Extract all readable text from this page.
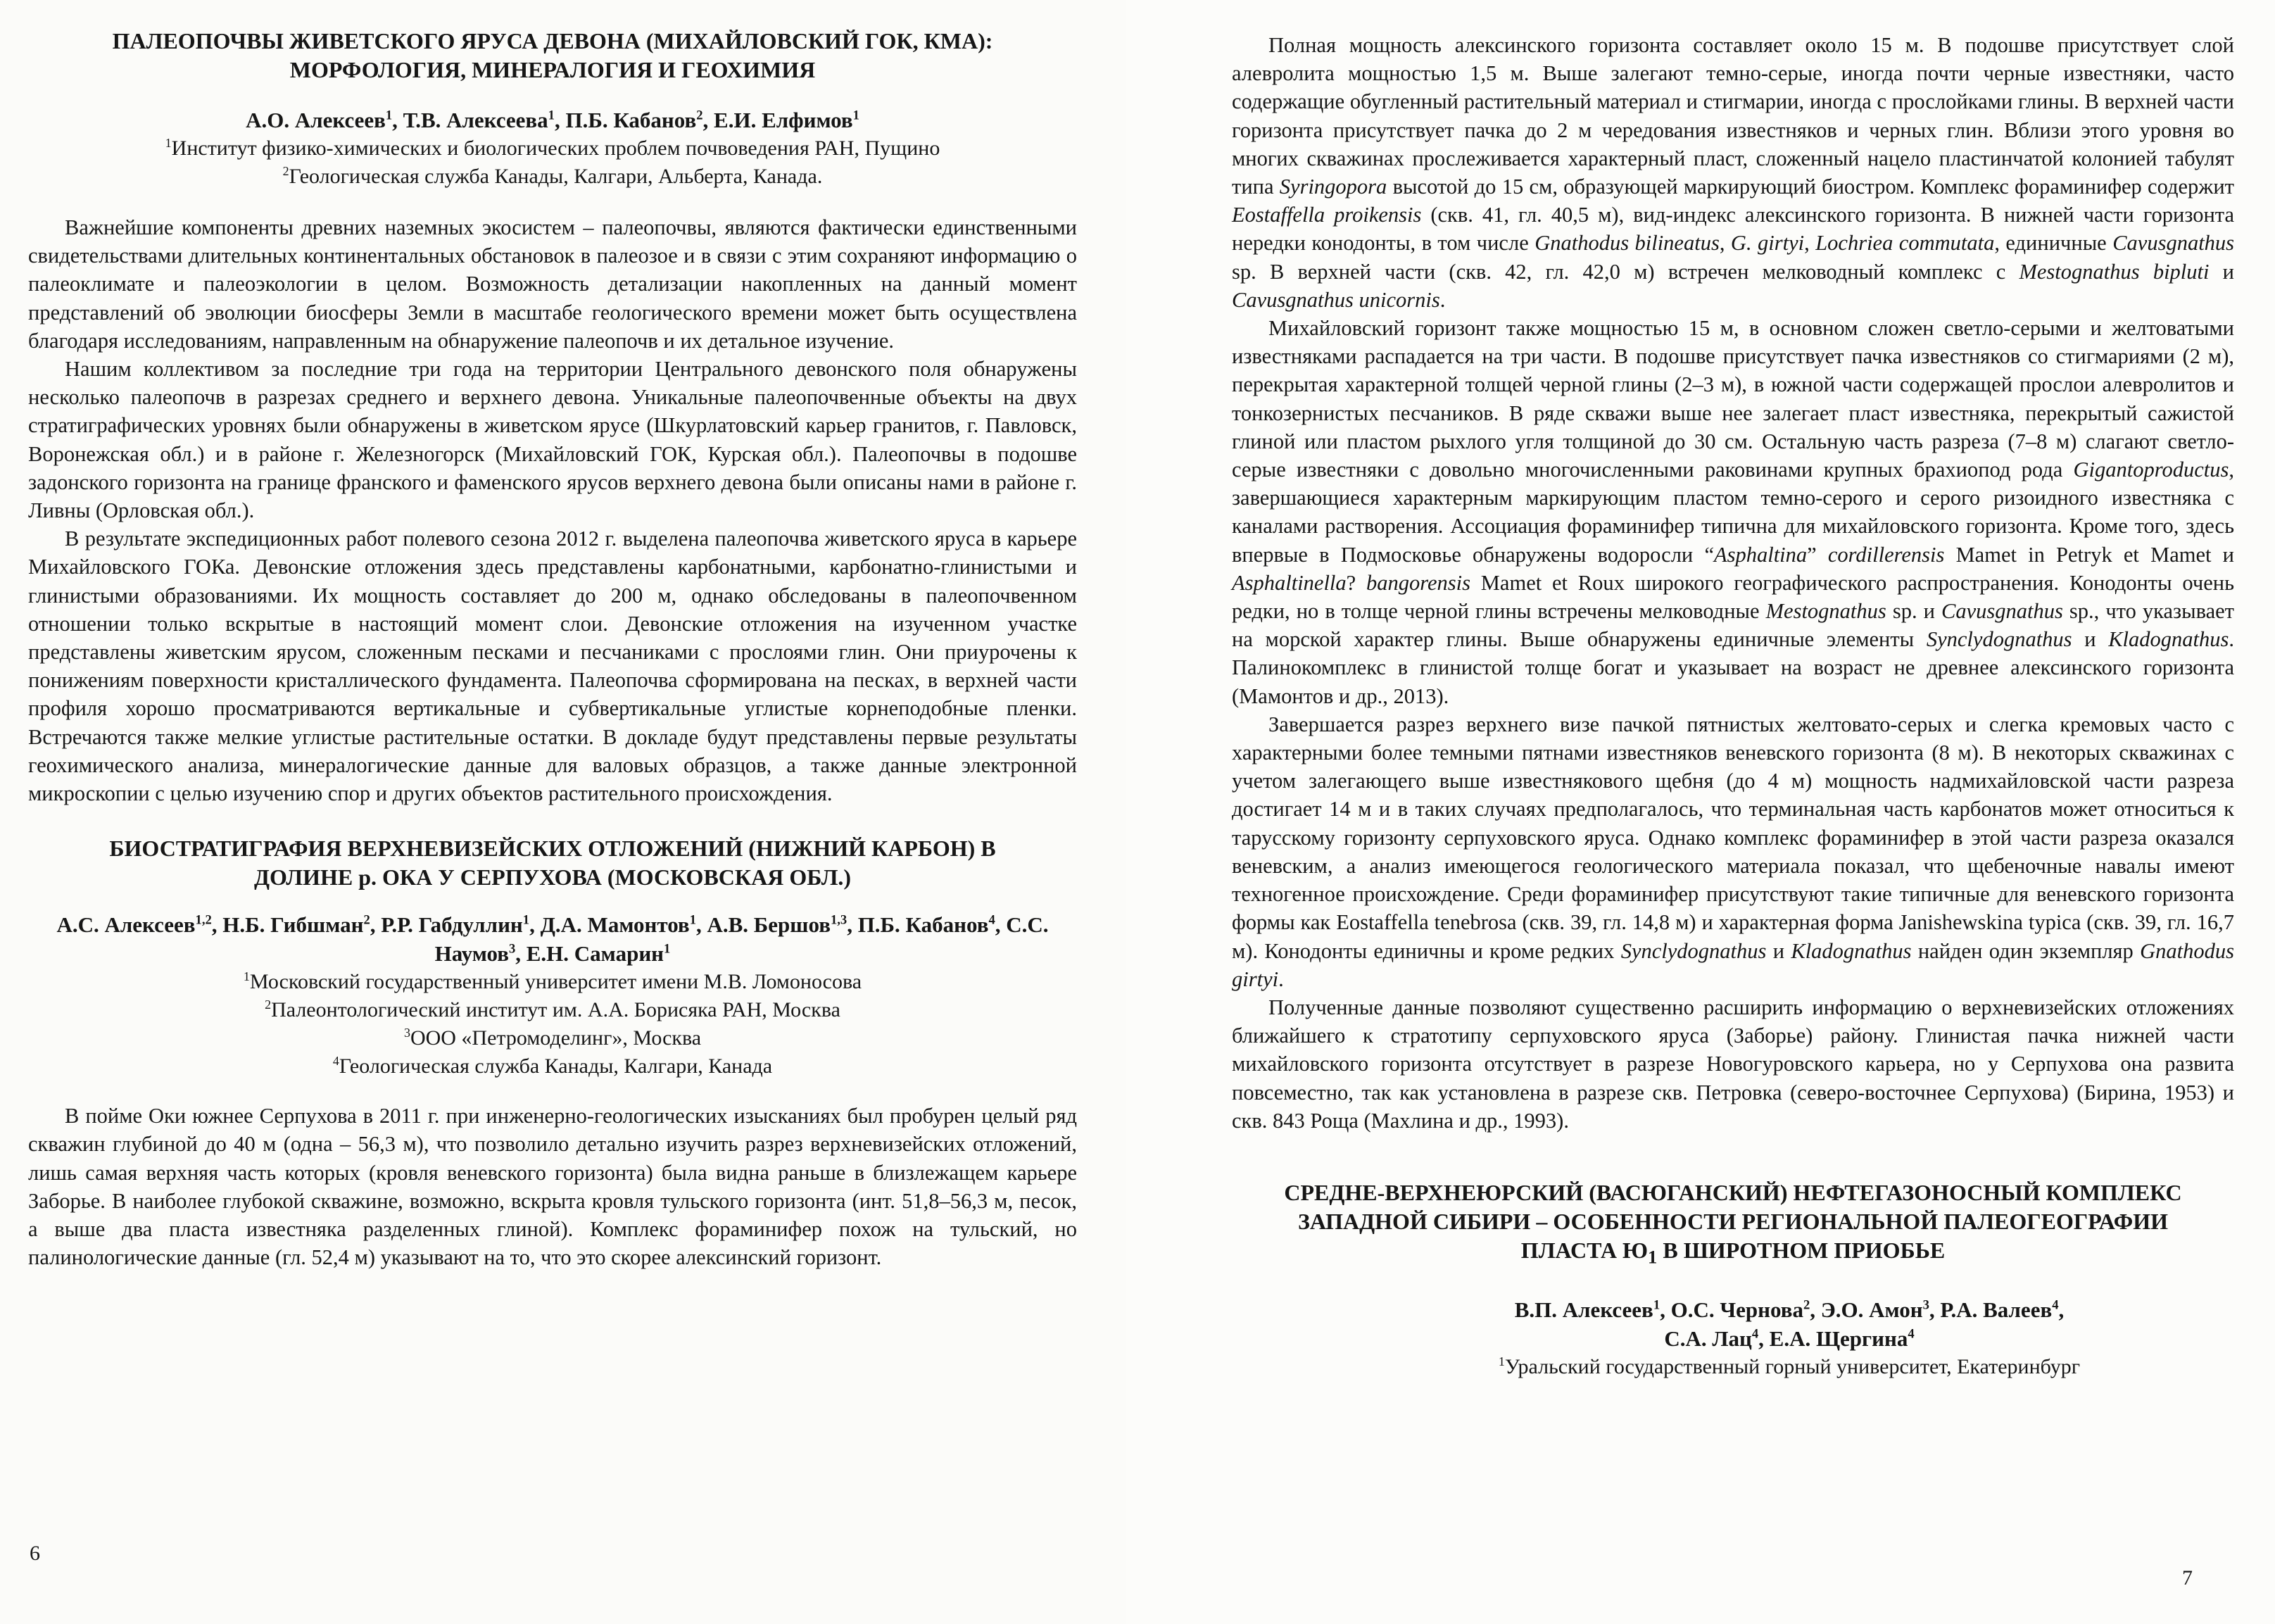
ПАЛЕОПОЧВЫ ЖИВЕТСКОГО ЯРУСА ДЕВОНА (МИХАЙЛОВСКИЙ ГОК, КМА): МОРФОЛОГИЯ, МИНЕРАЛОГИЯ И ГЕОХИМИЯ

А.О. Алексеев$^1$, Т.В. Алексеева$^1$, П.Б. Кабанов$^2$, Е.И. Елфимов$^1$

$^1$Институт физико-химических и биологических проблем почвоведения РАН, Пущино

$^2$Геологическая служба Канады, Калгари, Альберта, Канада.

Важнейшие компоненты древних наземных экосистем – палеопочвы, являются фактически единственными свидетельствами длительных континентальных обстановок в палеозое и в связи с этим сохраняют информацию о палеоклимате и палеоэкологии в целом. Возможность детализации накопленных на данный момент представлений об эволюции биосферы Земли в масштабе геологического времени может быть осуществлена благодаря исследованиям, направленным на обнаружение палеопочв и их детальное изучение.

Нашим коллективом за последние три года на территории Центрального девонского поля обнаружены несколько палеопочв в разрезах среднего и верхнего девона. Уникальные палеопочвенные объекты на двух стратиграфических уровнях были обнаружены в живетском ярусе (Шкурлатовский карьер гранитов, г. Павловск, Воронежская обл.) и в районе г. Железногорск (Михайловский ГОК, Курская обл.). Палеопочвы в подошве задонского горизонта на границе франского и фаменского ярусов верхнего девона были описаны нами в районе г. Ливны (Орловская обл.).

В результате экспедиционных работ полевого сезона 2012 г. выделена палеопочва живетского яруса в карьере Михайловского ГОКа. Девонские отложения здесь представлены карбонатными, карбонатно-глинистыми и глинистыми образованиями. Их мощность составляет до 200 м, однако обследованы в палеопочвенном отношении только вскрытые в настоящий момент слои. Девонские отложения на изученном участке представлены живетским ярусом, сложенным песками и песчаниками с прослоями глин. Они приурочены к понижениям поверхности кристаллического фундамента. Палеопочва сформирована на песках, в верхней части профиля хорошо просматриваются вертикальные и субвертикальные углистые корнеподобные пленки. Встречаются также мелкие углистые растительные остатки. В докладе будут представлены первые результаты геохимического анализа, минералогические данные для валовых образцов, а также данные электронной микроскопии с целью изучению спор и других объектов растительного происхождения.

БИОСТРАТИГРАФИЯ ВЕРХНЕВИЗЕЙСКИХ ОТЛОЖЕНИЙ (НИЖНИЙ КАРБОН) В ДОЛИНЕ р. ОКА У СЕРПУХОВА (МОСКОВСКАЯ ОБЛ.)

А.С. Алексеев$^{1,2}$, Н.Б. Гибшман$^2$, Р.Р. Габдуллин$^1$, Д.А. Мамонтов$^1$, А.В. Бершов$^{1,3}$, П.Б. Кабанов$^4$, С.С. Наумов$^3$, Е.Н. Самарин$^1$

$^1$Московский государственный университет имени М.В. Ломоносова

$^2$Палеонтологический институт им. А.А. Борисяка РАН, Москва

$^3$ООО «Петромоделинг», Москва

$^4$Геологическая служба Канады, Калгари, Канада

В пойме Оки южнее Серпухова в 2011 г. при инженерно-геологических изысканиях был пробурен целый ряд скважин глубиной до 40 м (одна – 56,3 м), что позволило детально изучить разрез верхневизейских отложений, лишь самая верхняя часть которых (кровля веневского горизонта) была видна раньше в близлежащем карьере Заборье. В наиболее глубокой скважине, возможно, вскрыта кровля тульского горизонта (инт. 51,8–56,3 м, песок, а выше два пласта известняка разделенных глиной). Комплекс фораминифер похож на тульский, но палинологические данные (гл. 52,4 м) указывают на то, что это скорее алексинский горизонт.

6

Полная мощность алексинского горизонта составляет около 15 м. В подошве присутствует слой алевролита мощностью 1,5 м. Выше залегают темно-серые, иногда почти черные известняки, часто содержащие обугленный растительный материал и стигмарии, иногда с прослойками глины. В верхней части горизонта присутствует пачка до 2 м чередования известняков и черных глин. Вблизи этого уровня во многих скважинах прослеживается характерный пласт, сложенный нацело пластинчатой колонией табулят типа Syringopora высотой до 15 см, образующей маркирующий биостром. Комплекс фораминифер содержит Eostaffella proikensis (скв. 41, гл. 40,5 м), вид-индекс алексинского горизонта. В нижней части горизонта нередки конодонты, в том числе Gnathodus bilineatus, G. girtyi, Lochriea commutata, единичные Cavusgnathus sp. В верхней части (скв. 42, гл. 42,0 м) встречен мелководный комплекс с Mestognathus bipluti и Cavusgnathus unicornis.

Михайловский горизонт также мощностью 15 м, в основном сложен светло-серыми и желтоватыми известняками распадается на три части. В подошве присутствует пачка известняков со стигмариями (2 м), перекрытая характерной толщей черной глины (2–3 м), в южной части содержащей прослои алевролитов и тонкозернистых песчаников. В ряде скважи выше нее залегает пласт известняка, перекрытый сажистой глиной или пластом рыхлого угля толщиной до 30 см. Остальную часть разреза (7–8 м) слагают светло-серые известняки с довольно многочисленными раковинами крупных брахиопод рода Gigantoproductus, завершающиеся характерным маркирующим пластом темно-серого и серого ризоидного известняка с каналами растворения. Ассоциация фораминифер типична для михайловского горизонта. Кроме того, здесь впервые в Подмосковье обнаружены водоросли “Asphaltina” cordillerensis Mamet in Petryk et Mamet и Asphaltinella? bangorensis Mamet et Roux широкого географического распространения. Конодонты очень редки, но в толще черной глины встречены мелководные Mestognathus sp. и Cavusgnathus sp., что указывает на морской характер глины. Выше обнаружены единичные элементы Synclydognathus и Kladognathus. Палинокомплекс в глинистой толще богат и указывает на возраст не древнее алексинского горизонта (Мамонтов и др., 2013).

Завершается разрез верхнего визе пачкой пятнистых желтовато-серых и слегка кремовых часто с характерными более темными пятнами известняков веневского горизонта (8 м). В некоторых скважинах с учетом залегающего выше известнякового щебня (до 4 м) мощность надмихайловской части разреза достигает 14 м и в таких случаях предполагалось, что терминальная часть карбонатов может относиться к тарусскому горизонту серпуховского яруса. Однако комплекс фораминифер в этой части разреза оказался веневским, а анализ имеющегося геологического материала показал, что щебеночные навалы имеют техногенное происхождение. Среди фораминифер присутствуют такие типичные для веневского горизонта формы как Eostaffella tenebrosa (скв. 39, гл. 14,8 м) и характерная форма Janishewskina typica (скв. 39, гл. 16,7 м). Конодонты единичны и кроме редких Synclydognathus и Kladognathus найден один экземпляр Gnathodus girtyi.

Полученные данные позволяют существенно расширить информацию о верхневизейских отложениях ближайшего к стратотипу серпуховского яруса (Заборье) району. Глинистая пачка нижней части михайловского горизонта отсутствует в разрезе Новогуровского карьера, но у Серпухова она развита повсеместно, так как установлена в разрезе скв. Петровка (северо-восточнее Серпухова) (Бирина, 1953) и скв. 843 Роща (Махлина и др., 1993).

СРЕДНЕ-ВЕРХНЕЮРСКИЙ (ВАСЮГАНСКИЙ) НЕФТЕГАЗОНОСНЫЙ КОМПЛЕКС ЗАПАДНОЙ СИБИРИ – ОСОБЕННОСТИ РЕГИОНАЛЬНОЙ ПАЛЕОГЕОГРАФИИ ПЛАСТА $Ю_1$ В ШИРОТНОМ ПРИОБЬЕ

В.П. Алексеев$^1$, О.С. Чернова$^2$, Э.О. Амон$^3$, Р.А. Валеев$^4$,

С.А. Лац$^4$, Е.А. Щергина$^4$

$^1$Уральский государственный горный университет, Екатеринбург

7
